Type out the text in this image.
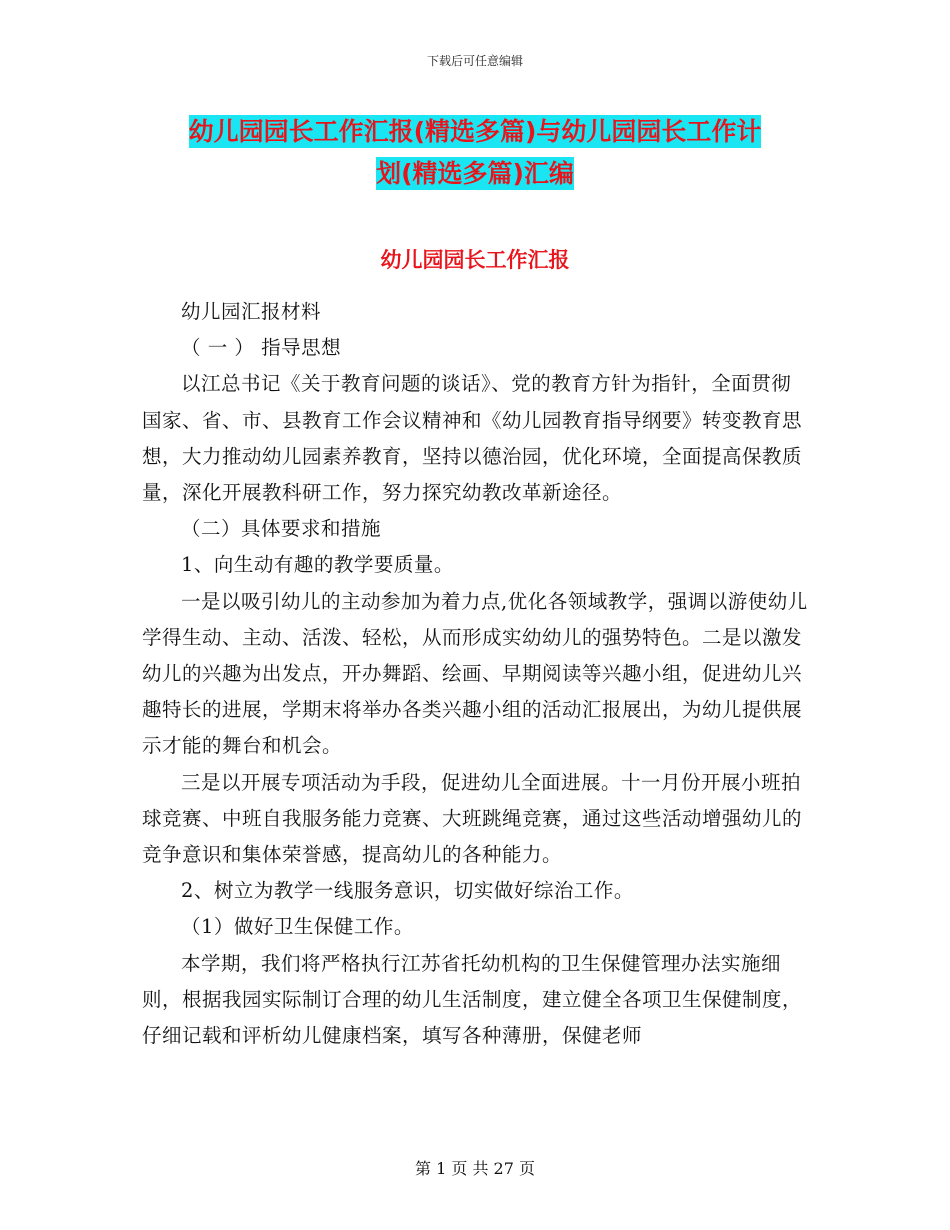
下载后可任意编辑
幼儿园园长工作汇报(精选多篇)与幼儿园园长工作计
划(精选多篇)汇编
幼儿园园长工作汇报

幼儿园汇报材料

（ 一 ） 指导思想

以江总书记《关于教育问题的谈话》、党的教育方针为指针，全面贯彻国家、省、市、县教育工作会议精神和《幼儿园教育指导纲要》转变教育思想，大力推动幼儿园素养教育，坚持以德治园，优化环境，全面提高保教质量，深化开展教科研工作，努力探究幼教改革新途径。

（二）具体要求和措施

1、向生动有趣的教学要质量。

一是以吸引幼儿的主动参加为着力点,优化各领域教学，强调以游使幼儿学得生动、主动、活泼、轻松，从而形成实幼幼儿的强势特色。二是以激发幼儿的兴趣为出发点，开办舞蹈、绘画、早期阅读等兴趣小组，促进幼儿兴趣特长的进展，学期末将举办各类兴趣小组的活动汇报展出，为幼儿提供展示才能的舞台和机会。

三是以开展专项活动为手段，促进幼儿全面进展。十一月份开展小班拍球竞赛、中班自我服务能力竞赛、大班跳绳竞赛，通过这些活动增强幼儿的竞争意识和集体荣誉感，提高幼儿的各种能力。

2、树立为教学一线服务意识，切实做好综治工作。

（1）做好卫生保健工作。

本学期，我们将严格执行江苏省托幼机构的卫生保健管理办法实施细则，根据我园实际制订合理的幼儿生活制度，建立健全各项卫生保健制度，仔细记载和评析幼儿健康档案，填写各种薄册，保健老师

第 1 页 共 27 页
